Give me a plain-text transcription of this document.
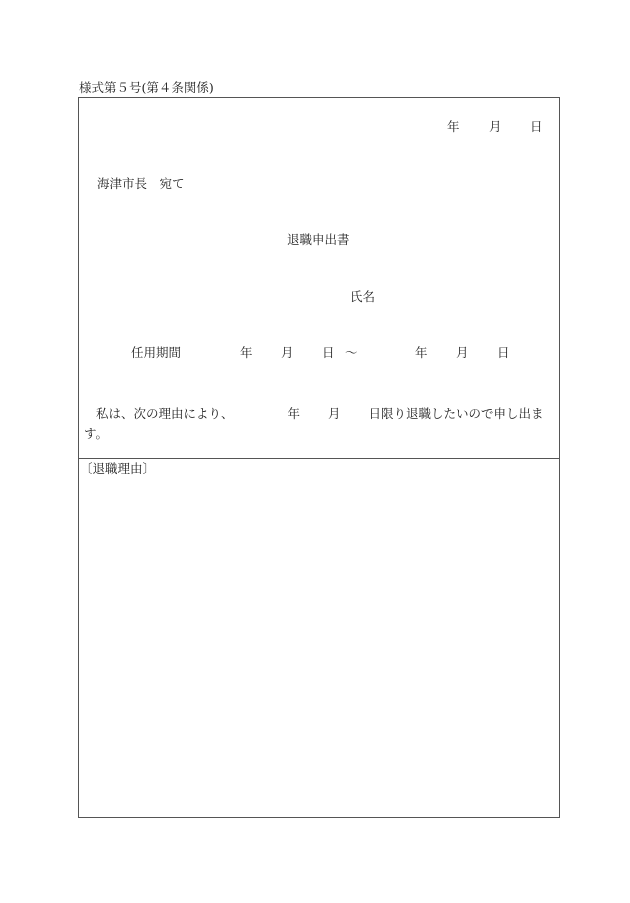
様式第５号(第４条関係)
年 月 日
海津市長　宛て
退職申出書
氏名
任用期間	年 月 日 ～	年 月 日
私は、次の理由により、	年 月 日限り退職したいので申し出ます。
〔退職理由〕
